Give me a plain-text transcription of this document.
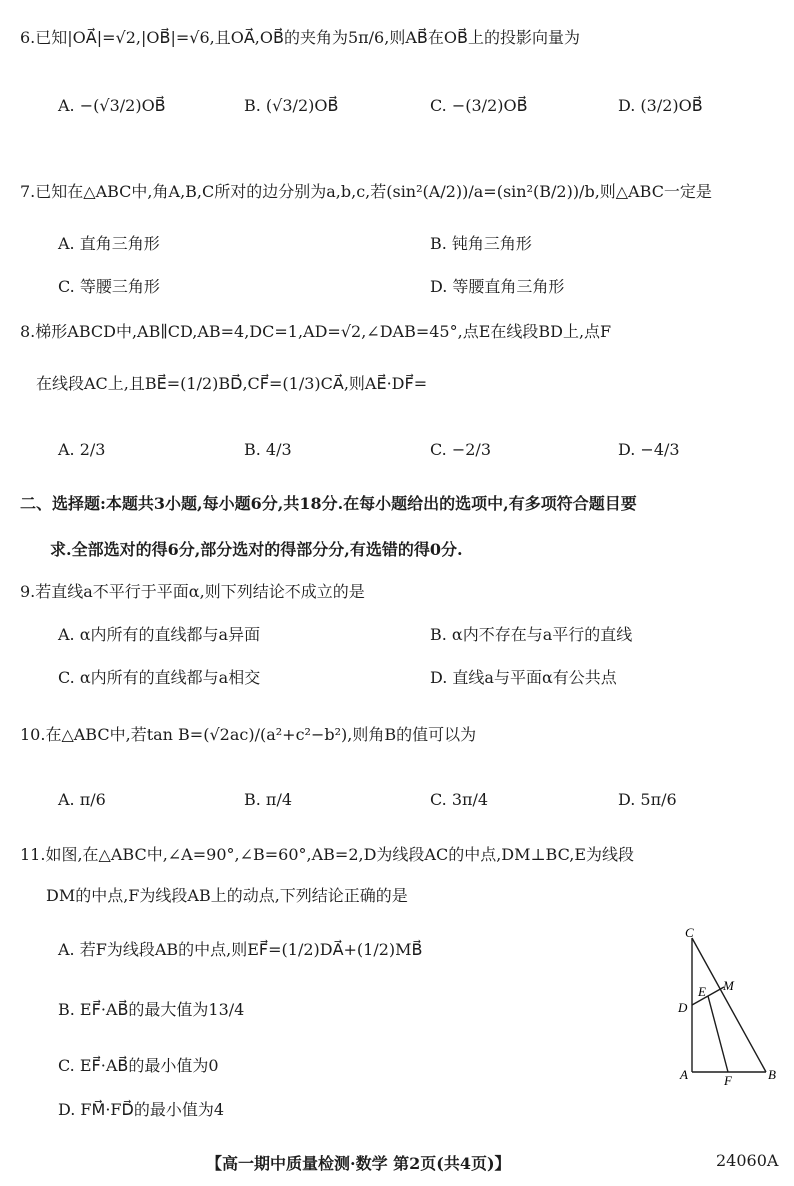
6.已知|OA⃗|=√2,|OB⃗|=√6,且OA⃗,OB⃗的夹角为5π/6,则AB⃗在OB⃗上的投影向量为
A. −(√3/2)OB⃗	B. (√3/2)OB⃗	C. −(3/2)OB⃗	D. (3/2)OB⃗
7.已知在△ABC中,角A,B,C所对的边分别为a,b,c,若(sin²(A/2))/a=(sin²(B/2))/b,则△ABC一定是
A. 直角三角形	B. 钝角三角形
C. 等腰三角形	D. 等腰直角三角形
8.梯形ABCD中,AB∥CD,AB=4,DC=1,AD=√2,∠DAB=45°,点E在线段BD上,点F
在线段AC上,且BE⃗=(1/2)BD⃗,CF⃗=(1/3)CA⃗,则AE⃗·DF⃗=
A. 2/3	B. 4/3	C. −2/3	D. −4/3
二、选择题:本题共3小题,每小题6分,共18分.在每小题给出的选项中,有多项符合题目要
求.全部选对的得6分,部分选对的得部分分,有选错的得0分.
9.若直线a不平行于平面α,则下列结论不成立的是
A. α内所有的直线都与a异面	B. α内不存在与a平行的直线
C. α内所有的直线都与a相交	D. 直线a与平面α有公共点
10.在△ABC中,若tan B=(√2ac)/(a²+c²−b²),则角B的值可以为
A. π/6	B. π/4	C. 3π/4	D. 5π/6
11.如图,在△ABC中,∠A=90°,∠B=60°,AB=2,D为线段AC的中点,DM⊥BC,E为线段
DM的中点,F为线段AB上的动点,下列结论正确的是
A. 若F为线段AB的中点,则EF⃗=(1/2)DA⃗+(1/2)MB⃗
B. EF⃗·AB⃗的最大值为13/4
C. EF⃗·AB⃗的最小值为0
D. FM⃗·FD⃗的最小值为4
C
M
E
D
A	F	B
【高一期中质量检测·数学 第2页(共4页)】	24060A
